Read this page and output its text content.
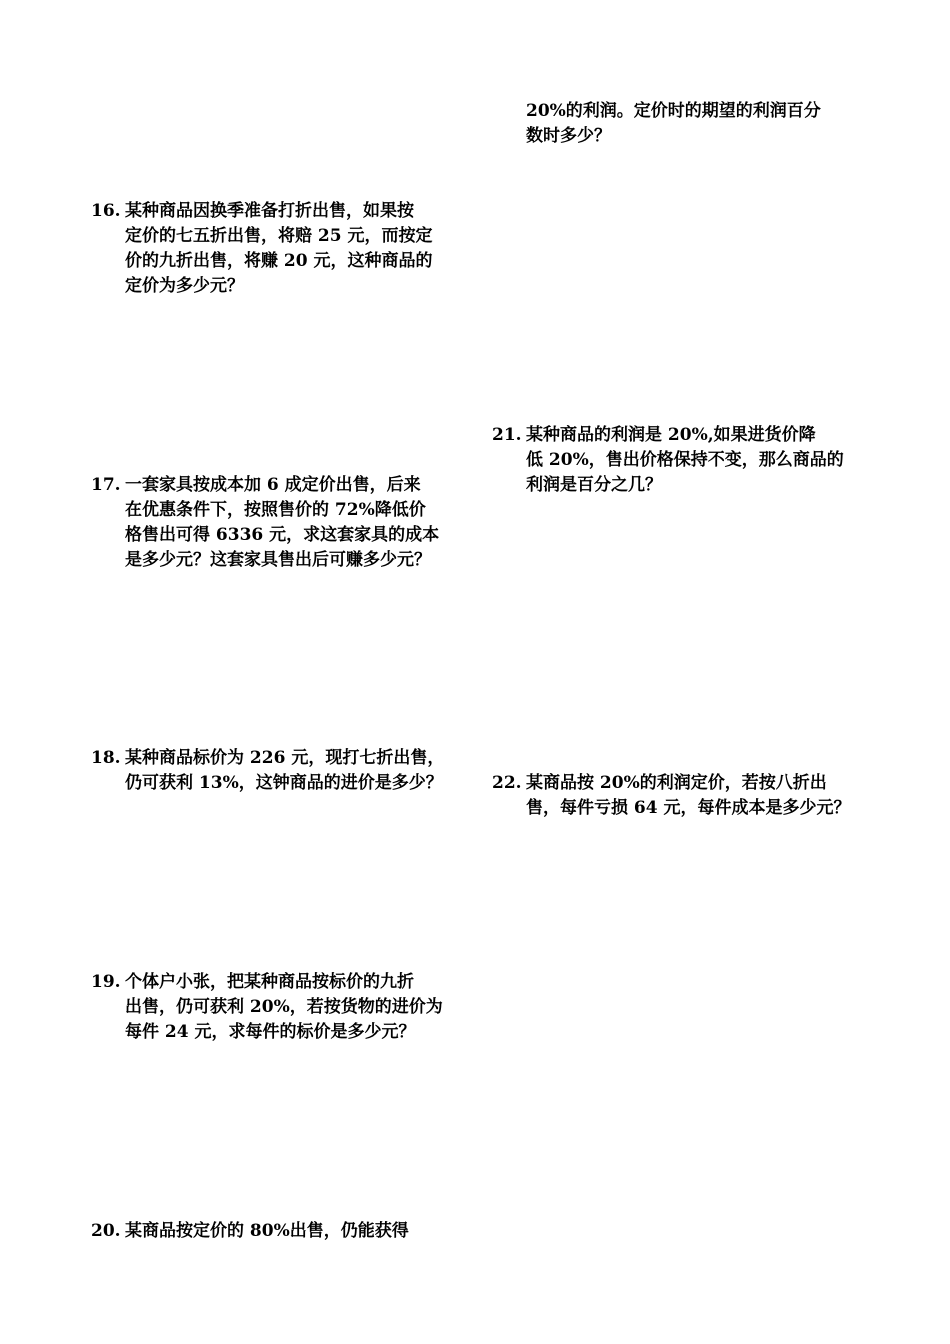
16. 某种商品因换季准备打折出售，如果按
定价的七五折出售，将赔 25 元，而按定
价的九折出售，将赚 20 元，这种商品的
定价为多少元？
17. 一套家具按成本加 6 成定价出售，后来
在优惠条件下，按照售价的 72%降低价
格售出可得 6336 元，求这套家具的成本
是多少元？这套家具售出后可赚多少元？
18. 某种商品标价为 226 元，现打七折出售，
仍可获利 13%，这钟商品的进价是多少？
19. 个体户小张，把某种商品按标价的九折
出售，仍可获利 20%，若按货物的进价为
每件 24 元，求每件的标价是多少元？
20. 某商品按定价的 80%出售，仍能获得
20%的利润。定价时的期望的利润百分
数时多少？
21. 某种商品的利润是 20%,如果进货价降
低 20%，售出价格保持不变，那么商品的
利润是百分之几？
22. 某商品按 20%的利润定价，若按八折出
售，每件亏损 64 元，每件成本是多少元？
